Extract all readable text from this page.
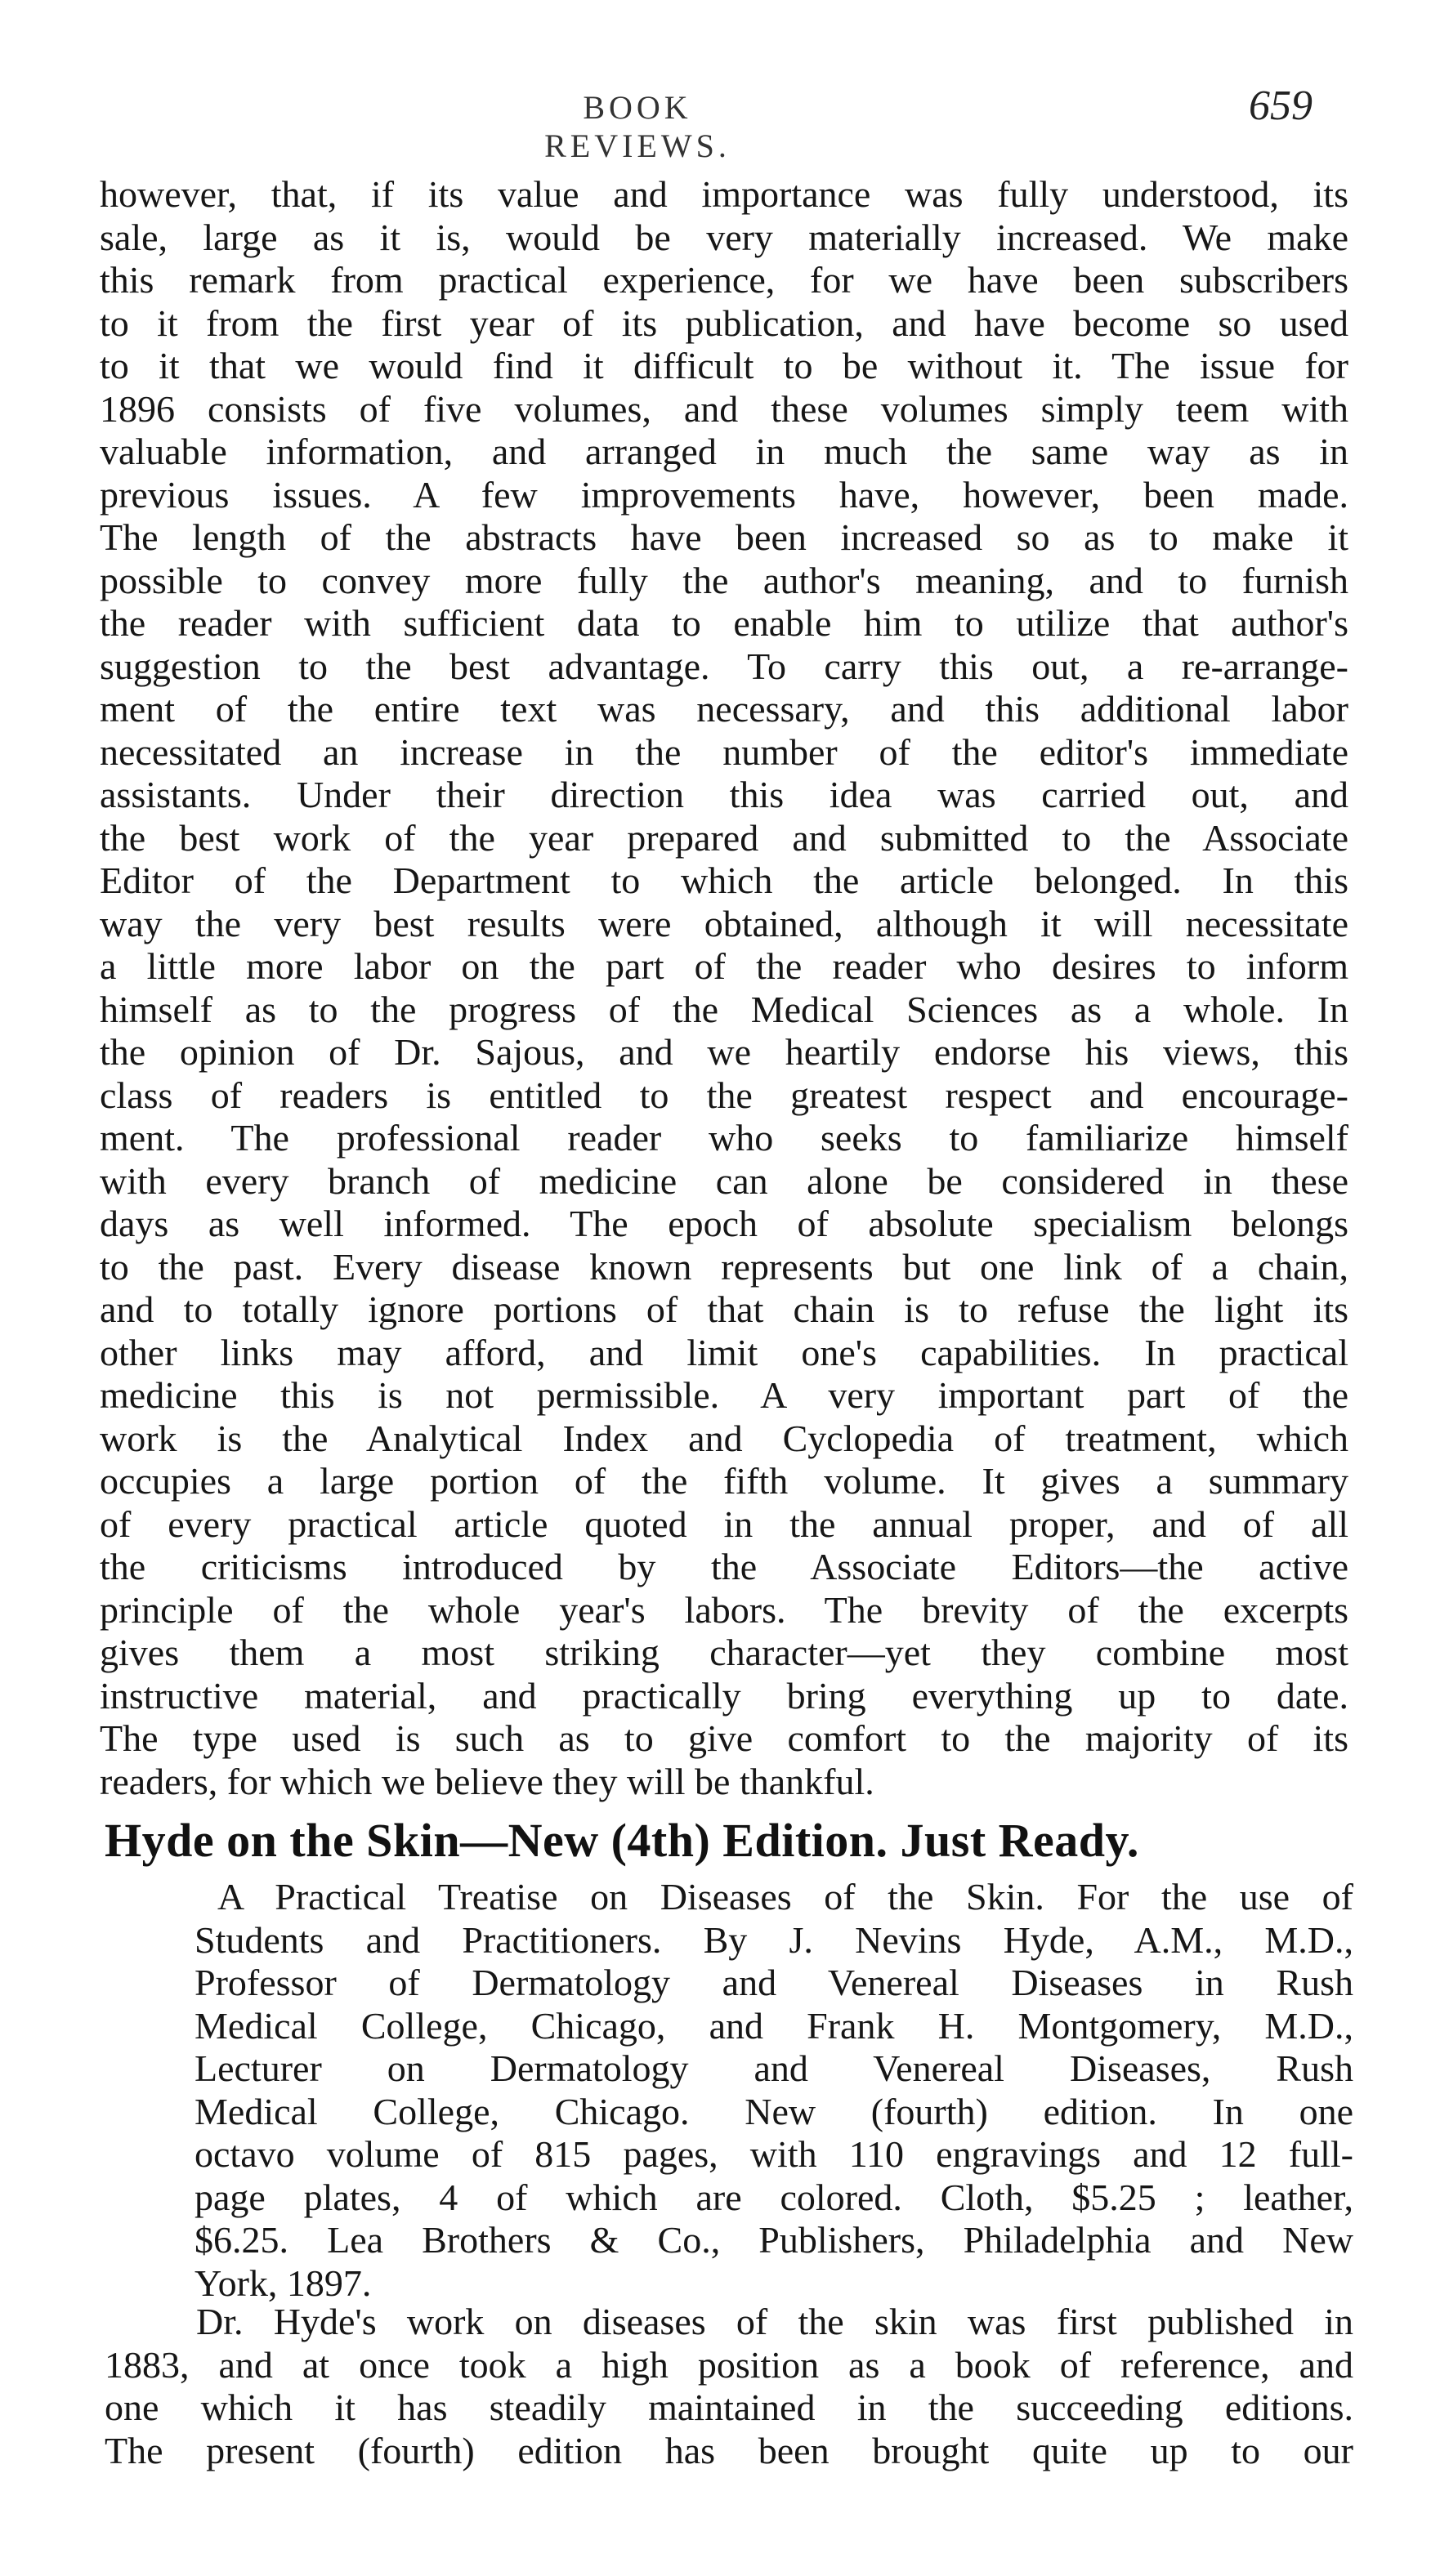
BOOK REVIEWS.
659
however, that, if its value and importance was fully understood, its
sale, large as it is, would be very materially increased. We make
this remark from practical experience, for we have been subscribers
to it from the first year of its publication, and have become so used
to it that we would find it difficult to be without it. The issue for
1896 consists of five volumes, and these volumes simply teem with
valuable information, and arranged in much the same way as in
previous issues. A few improvements have, however, been made.
The length of the abstracts have been increased so as to make it
possible to convey more fully the author's meaning, and to furnish
the reader with sufficient data to enable him to utilize that author's
suggestion to the best advantage. To carry this out, a re-arrange-
ment of the entire text was necessary, and this additional labor
necessitated an increase in the number of the editor's immediate
assistants. Under their direction this idea was carried out, and
the best work of the year prepared and submitted to the Associate
Editor of the Department to which the article belonged. In this
way the very best results were obtained, although it will necessitate
a little more labor on the part of the reader who desires to inform
himself as to the progress of the Medical Sciences as a whole. In
the opinion of Dr. Sajous, and we heartily endorse his views, this
class of readers is entitled to the greatest respect and encourage-
ment. The professional reader who seeks to familiarize himself
with every branch of medicine can alone be considered in these
days as well informed. The epoch of absolute specialism belongs
to the past. Every disease known represents but one link of a chain,
and to totally ignore portions of that chain is to refuse the light its
other links may afford, and limit one's capabilities. In practical
medicine this is not permissible. A very important part of the
work is the Analytical Index and Cyclopedia of treatment, which
occupies a large portion of the fifth volume. It gives a summary
of every practical article quoted in the annual proper, and of all
the criticisms introduced by the Associate Editors—the active
principle of the whole year's labors. The brevity of the excerpts
gives them a most striking character—yet they combine most
instructive material, and practically bring everything up to date.
The type used is such as to give comfort to the majority of its
readers, for which we believe they will be thankful.
Hyde on the Skin—New (4th) Edition. Just Ready.
A Practical Treatise on Diseases of the Skin. For the use of
Students and Practitioners. By J. Nevins Hyde, A.M., M.D.,
Professor of Dermatology and Venereal Diseases in Rush
Medical College, Chicago, and Frank H. Montgomery, M.D.,
Lecturer on Dermatology and Venereal Diseases, Rush
Medical College, Chicago. New (fourth) edition. In one
octavo volume of 815 pages, with 110 engravings and 12 full-
page plates, 4 of which are colored. Cloth, $5.25 ; leather,
$6.25. Lea Brothers & Co., Publishers, Philadelphia and New
York, 1897.
Dr. Hyde's work on diseases of the skin was first published in
1883, and at once took a high position as a book of reference, and
one which it has steadily maintained in the succeeding editions.
The present (fourth) edition has been brought quite up to our
